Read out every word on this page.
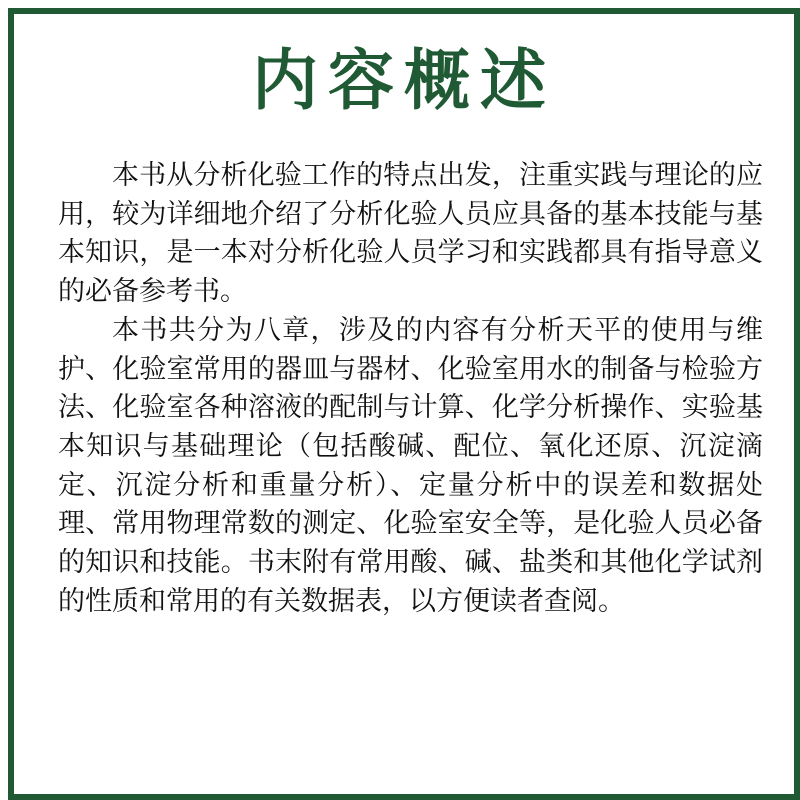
内容概述

本书从分析化验工作的特点出发，注重实践与理论的应用，较为详细地介绍了分析化验人员应具备的基本技能与基本知识，是一本对分析化验人员学习和实践都具有指导意义的必备参考书。

本书共分为八章，涉及的内容有分析天平的使用与维护、化验室常用的器皿与器材、化验室用水的制备与检验方法、化验室各种溶液的配制与计算、化学分析操作、实验基本知识与基础理论（包括酸碱、配位、氧化还原、沉淀滴定、沉淀分析和重量分析）、定量分析中的误差和数据处理、常用物理常数的测定、化验室安全等，是化验人员必备的知识和技能。书末附有常用酸、碱、盐类和其他化学试剂的性质和常用的有关数据表，以方便读者查阅。
